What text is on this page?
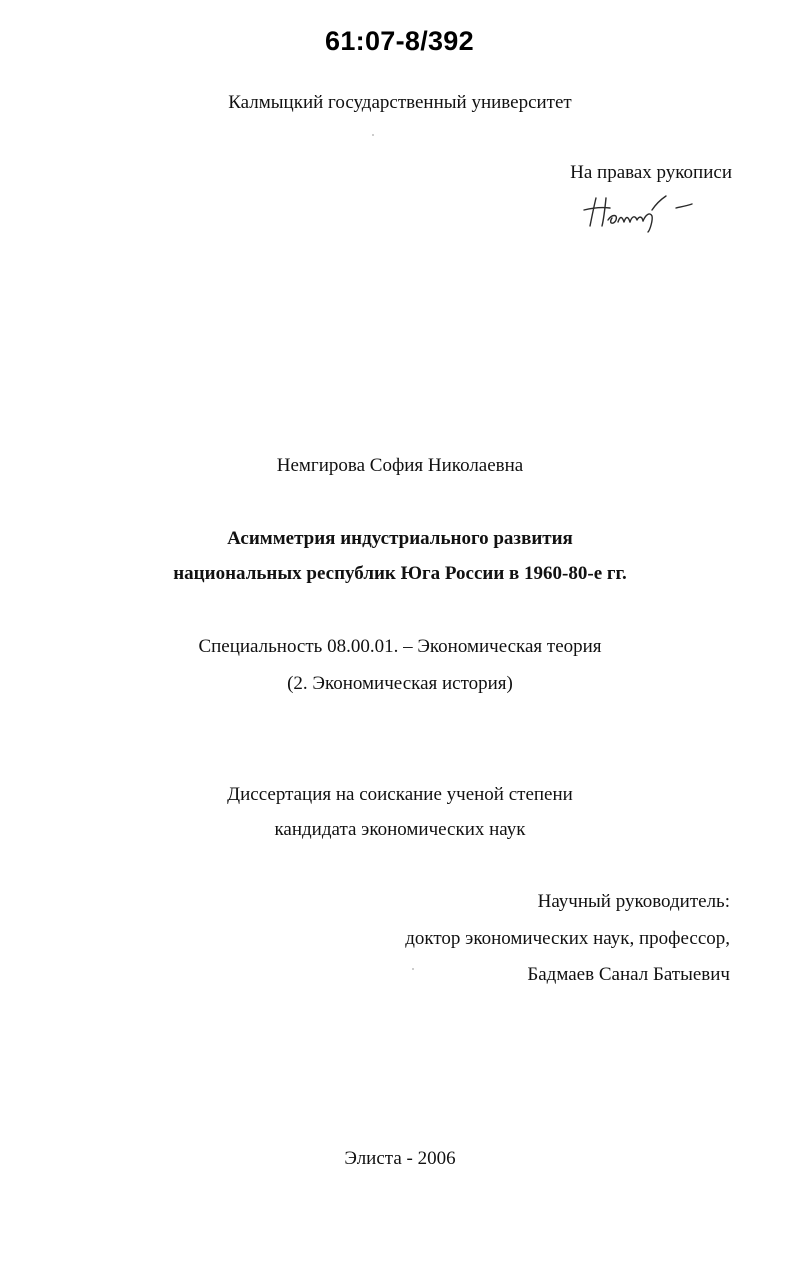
61:07-8/392
Калмыцкий государственный университет
На правах рукописи
Немгирова София Николаевна
Асимметрия индустриального развития
национальных республик Юга России в 1960-80-е гг.
Специальность 08.00.01. – Экономическая теория
(2. Экономическая история)
Диссертация на соискание ученой степени
кандидата экономических наук
Научный руководитель:
доктор экономических наук, профессор,
Бадмаев Санал Батыевич
Элиста - 2006
